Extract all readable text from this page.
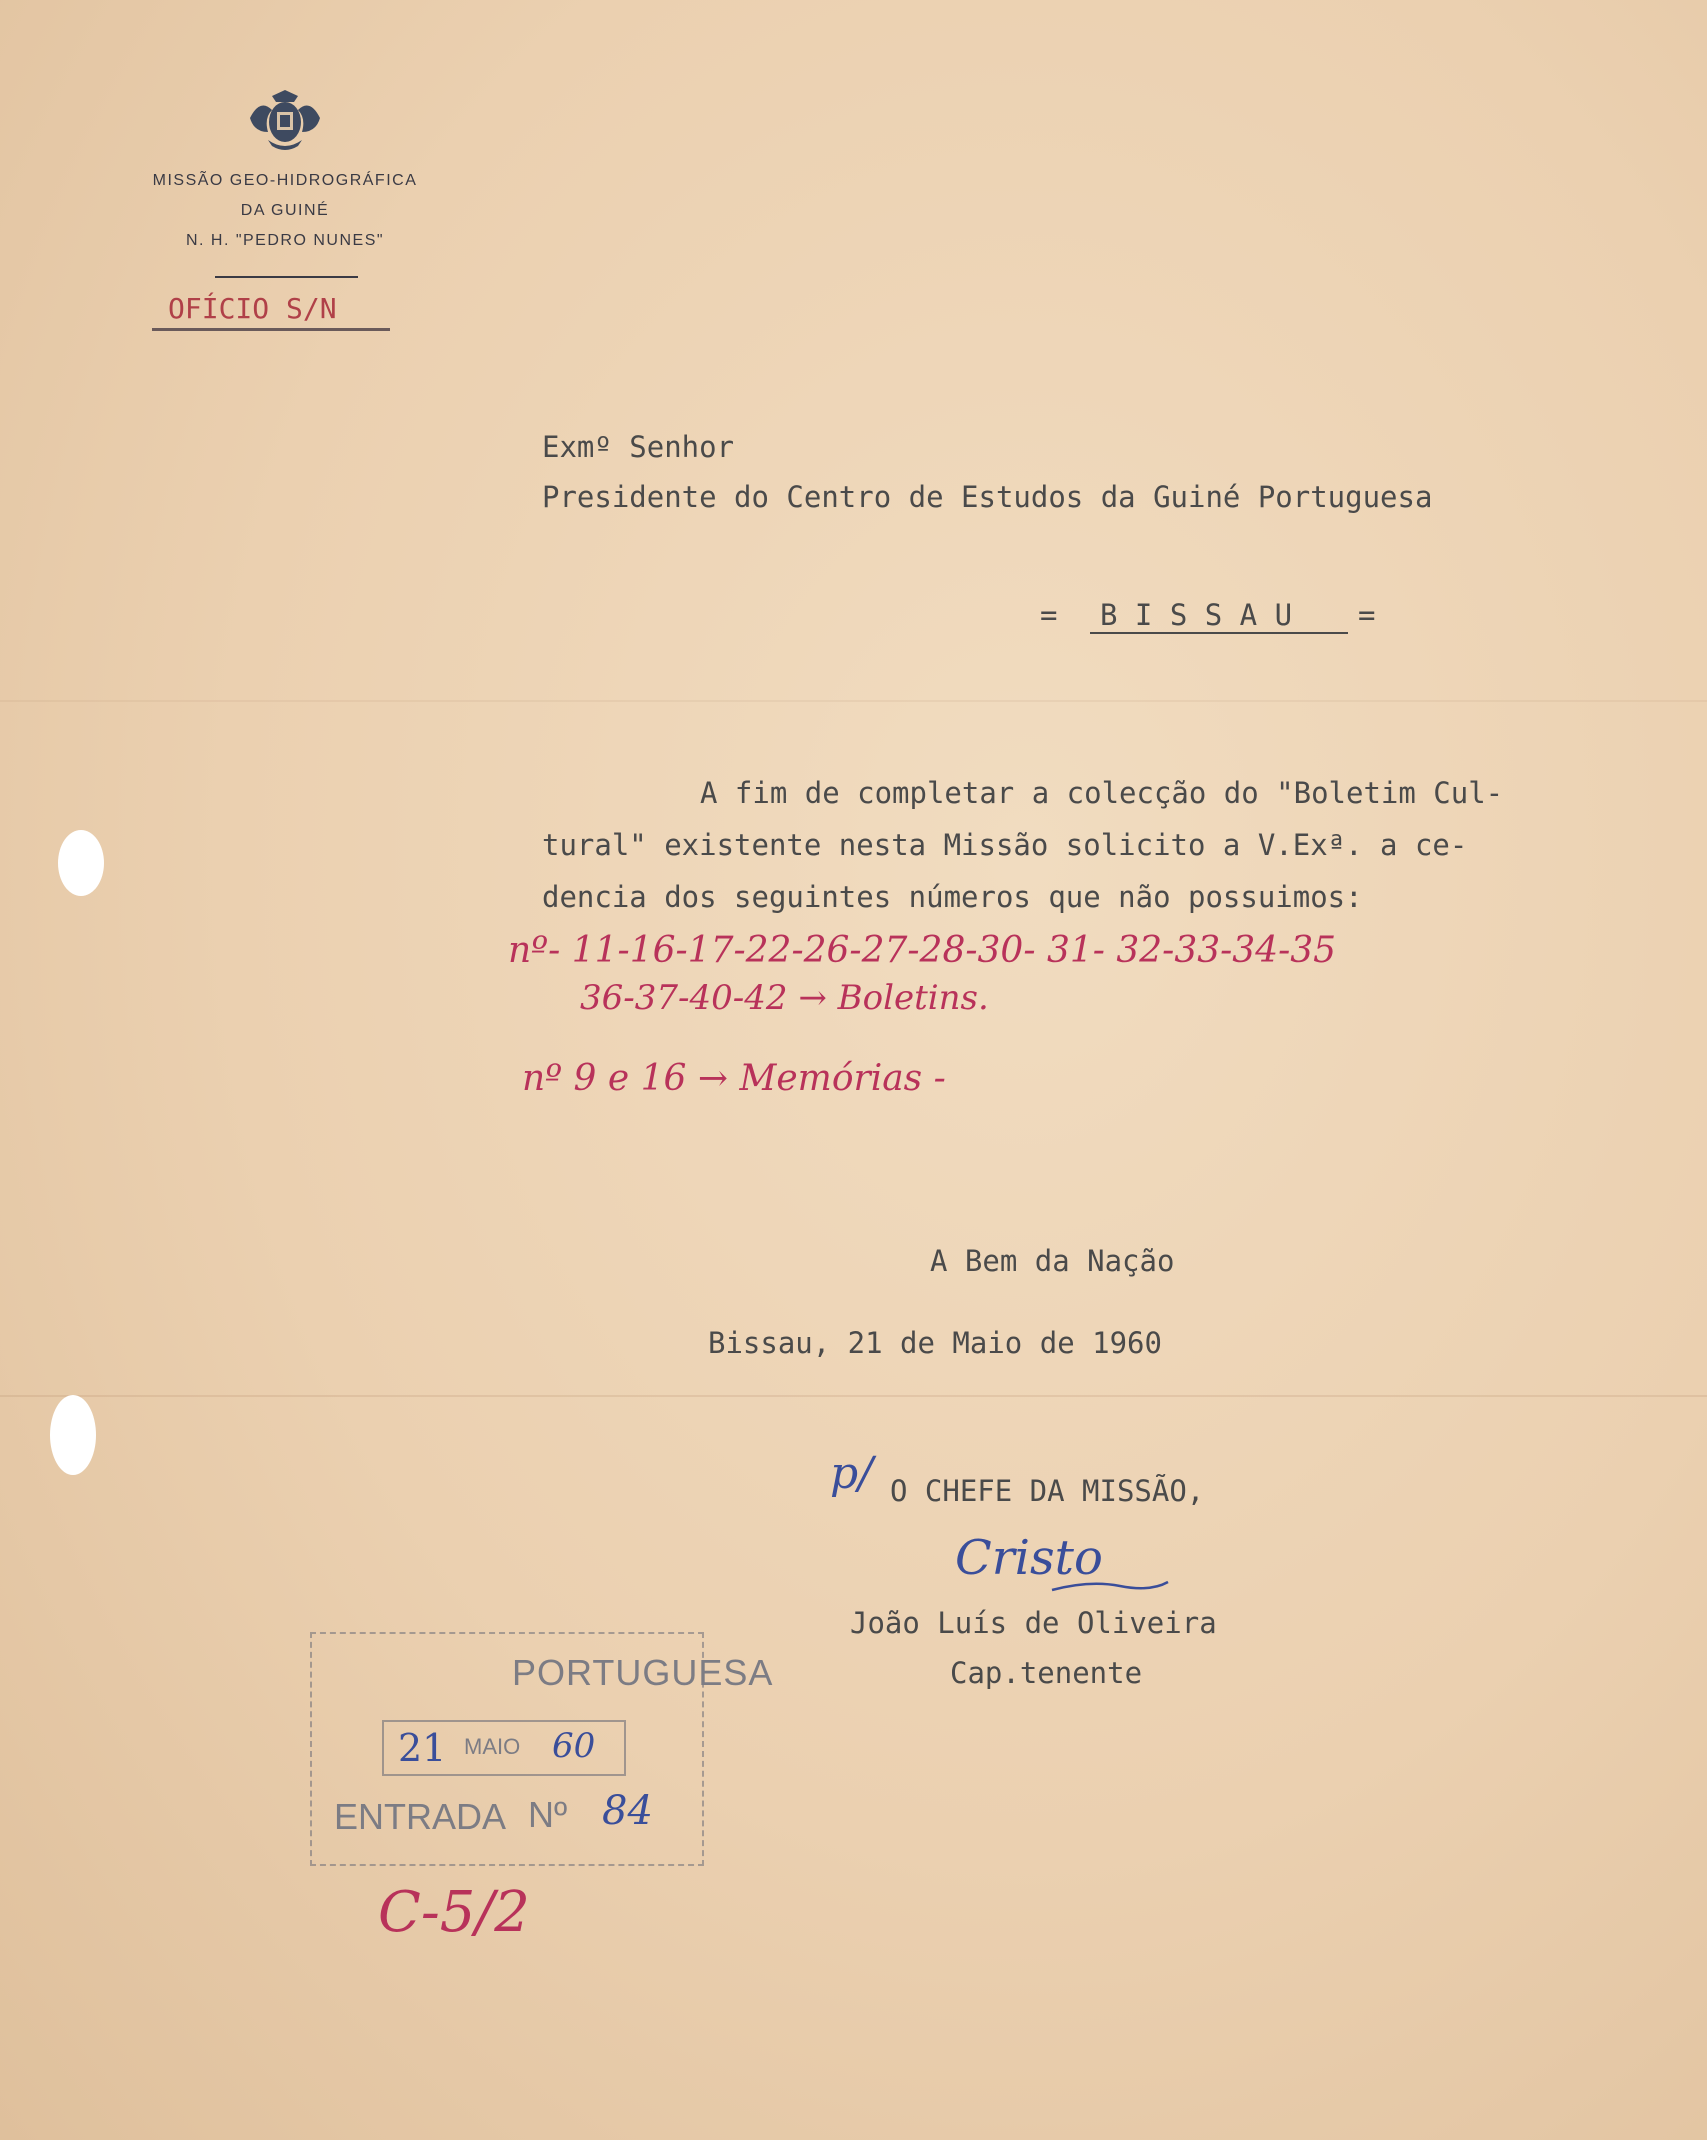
MISSÃO GEO-HIDROGRÁFICA
DA GUINÉ
N. H. "PEDRO NUNES"
OFÍCIO S/N
Exmº Senhor
Presidente do Centro de Estudos da Guiné Portuguesa
= B I S S A U =
A fim de completar a colecção do "Boletim Cul-
tural" existente nesta Missão solicito a V.Exª. a ce-
dencia dos seguintes números que não possuimos:
nº- 11-16-17-22-26-27-28-30- 31- 32-33-34-35
36-37-40-42 → Boletins.
nº 9 e 16 → Memórias -
A Bem da Nação
Bissau, 21 de Maio de 1960
p/ O CHEFE DA MISSÃO,
Cristo
João Luís de Oliveira
Cap.tenente
PORTUGUESA
21 MAIO 60
ENTRADA Nº 84
C-5/2
